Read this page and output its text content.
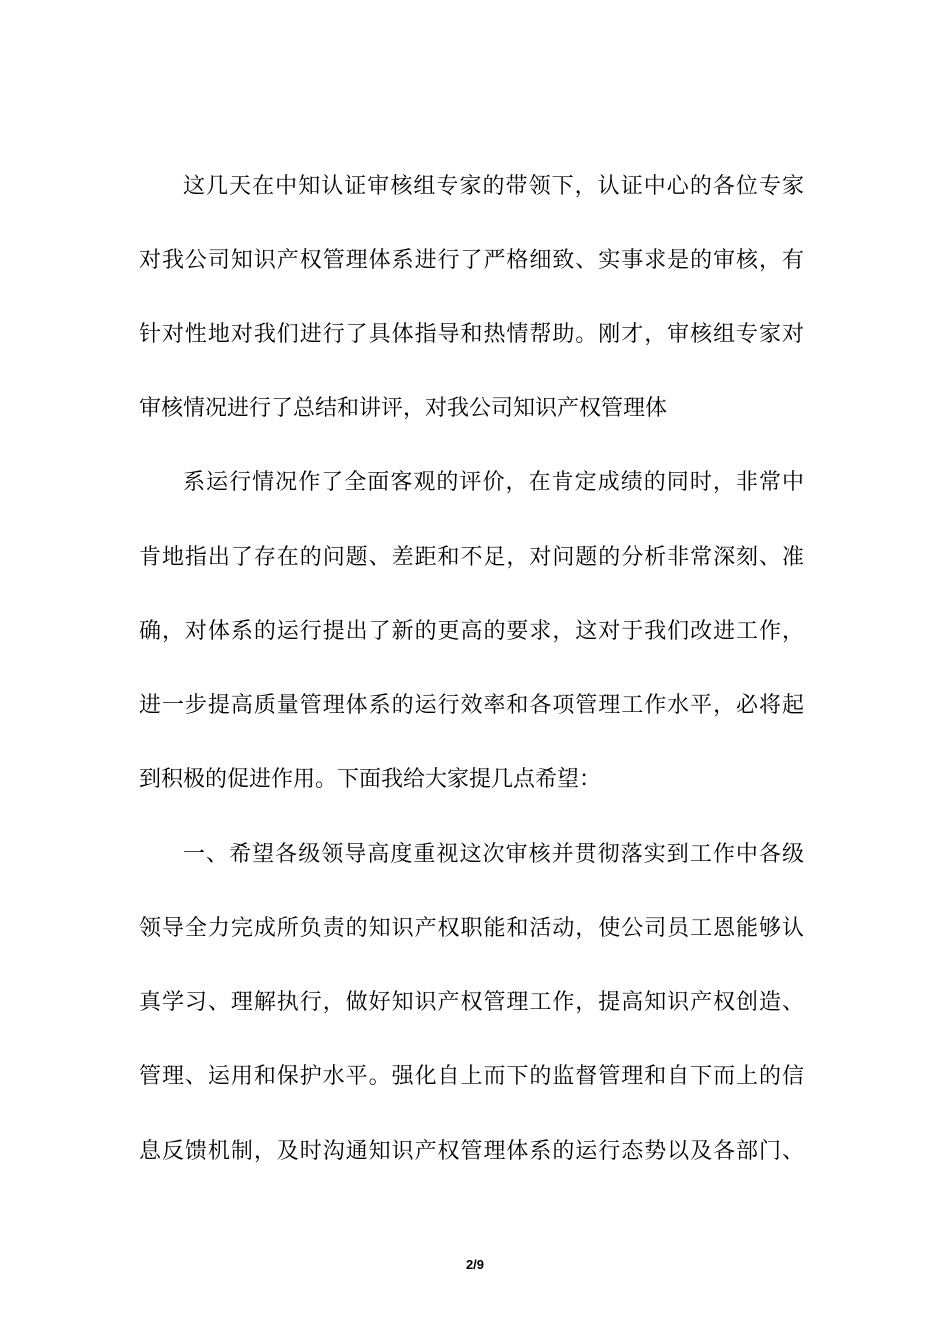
这几天在中知认证审核组专家的带领下，认证中心的各位专家
对我公司知识产权管理体系进行了严格细致、实事求是的审核，有
针对性地对我们进行了具体指导和热情帮助。刚才，审核组专家对
审核情况进行了总结和讲评，对我公司知识产权管理体
系运行情况作了全面客观的评价，在肯定成绩的同时，非常中
肯地指出了存在的问题、差距和不足，对问题的分析非常深刻、准
确，对体系的运行提出了新的更高的要求，这对于我们改进工作，
进一步提高质量管理体系的运行效率和各项管理工作水平，必将起
到积极的促进作用。下面我给大家提几点希望：
一、希望各级领导高度重视这次审核并贯彻落实到工作中各级
领导全力完成所负责的知识产权职能和活动，使公司员工恩能够认
真学习、理解执行，做好知识产权管理工作，提高知识产权创造、
管理、运用和保护水平。强化自上而下的监督管理和自下而上的信
息反馈机制，及时沟通知识产权管理体系的运行态势以及各部门、
2/9
